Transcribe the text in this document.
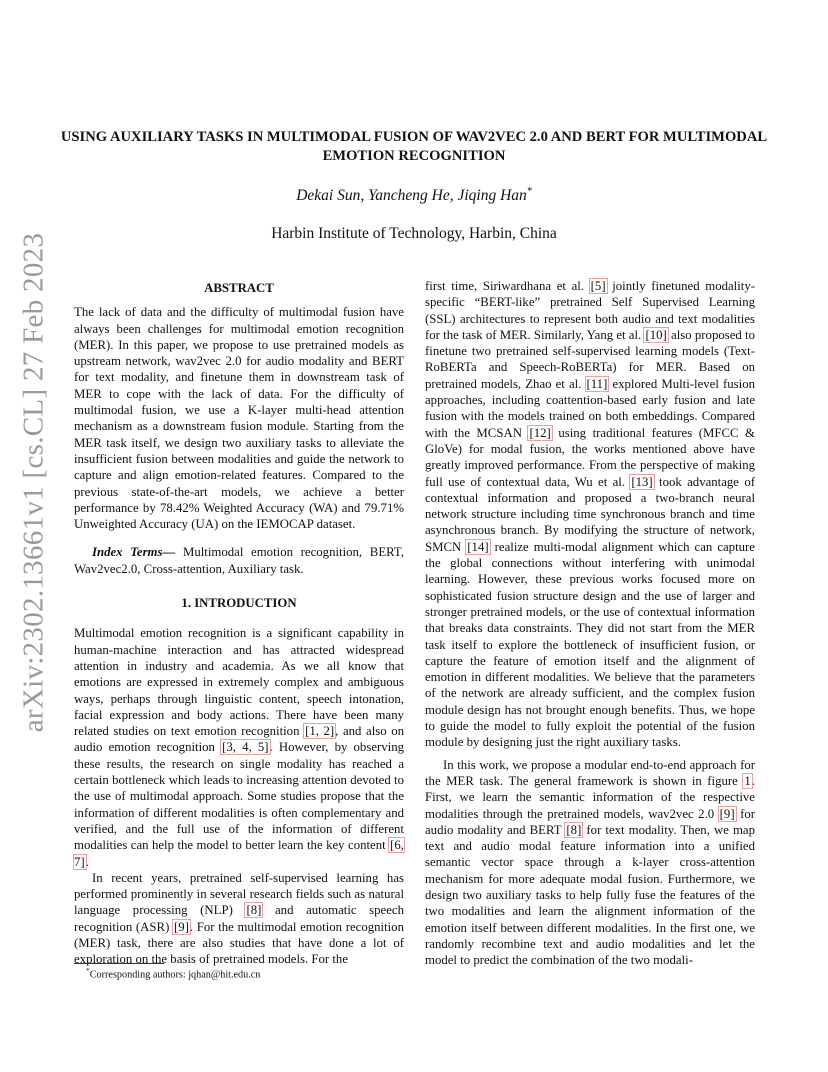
arXiv:2302.13661v1 [cs.CL] 27 Feb 2023
USING AUXILIARY TASKS IN MULTIMODAL FUSION OF WAV2VEC 2.0 AND BERT FOR MULTIMODAL EMOTION RECOGNITION
Dekai Sun, Yancheng He, Jiqing Han*
Harbin Institute of Technology, Harbin, China
ABSTRACT

The lack of data and the difficulty of multimodal fusion have always been challenges for multimodal emotion recognition (MER). In this paper, we propose to use pretrained models as upstream network, wav2vec 2.0 for audio modality and BERT for text modality, and finetune them in downstream task of MER to cope with the lack of data. For the difficulty of multimodal fusion, we use a K-layer multi-head attention mechanism as a downstream fusion module. Starting from the MER task itself, we design two auxiliary tasks to alleviate the insufficient fusion between modalities and guide the network to capture and align emotion-related features. Compared to the previous state-of-the-art models, we achieve a better performance by 78.42% Weighted Accuracy (WA) and 79.71% Unweighted Accuracy (UA) on the IEMOCAP dataset.

Index Terms— Multimodal emotion recognition, BERT, Wav2vec2.0, Cross-attention, Auxiliary task.

1. INTRODUCTION

Multimodal emotion recognition is a significant capability in human-machine interaction and has attracted widespread attention in industry and academia. As we all know that emotions are expressed in extremely complex and ambiguous ways, perhaps through linguistic content, speech intonation, facial expression and body actions. There have been many related studies on text emotion recognition [1, 2], and also on audio emotion recognition [3, 4, 5]. However, by observing these results, the research on single modality has reached a certain bottleneck which leads to increasing attention devoted to the use of multimodal approach. Some studies propose that the information of different modalities is often complementary and verified, and the full use of the information of different modalities can help the model to better learn the key content [6, 7].

In recent years, pretrained self-supervised learning has performed prominently in several research fields such as natural language processing (NLP) [8] and automatic speech recognition (ASR) [9]. For the multimodal emotion recognition (MER) task, there are also studies that have done a lot of exploration on the basis of pretrained models. For the

*Corresponding authors: jqhan@hit.edu.cn

first time, Siriwardhana et al. [5] jointly finetuned modality-specific “BERT-like” pretrained Self Supervised Learning (SSL) architectures to represent both audio and text modalities for the task of MER. Similarly, Yang et al. [10] also proposed to finetune two pretrained self-supervised learning models (Text-RoBERTa and Speech-RoBERTa) for MER. Based on pretrained models, Zhao et al. [11] explored Multi-level fusion approaches, including coattention-based early fusion and late fusion with the models trained on both embeddings. Compared with the MCSAN [12] using traditional features (MFCC & GloVe) for modal fusion, the works mentioned above have greatly improved performance. From the perspective of making full use of contextual data, Wu et al. [13] took advantage of contextual information and proposed a two-branch neural network structure including time synchronous branch and time asynchronous branch. By modifying the structure of network, SMCN [14] realize multi-modal alignment which can capture the global connections without interfering with unimodal learning. However, these previous works focused more on sophisticated fusion structure design and the use of larger and stronger pretrained models, or the use of contextual information that breaks data constraints. They did not start from the MER task itself to explore the bottleneck of insufficient fusion, or capture the feature of emotion itself and the alignment of emotion in different modalities. We believe that the parameters of the network are already sufficient, and the complex fusion module design has not brought enough benefits. Thus, we hope to guide the model to fully exploit the potential of the fusion module by designing just the right auxiliary tasks.

In this work, we propose a modular end-to-end approach for the MER task. The general framework is shown in figure 1. First, we learn the semantic information of the respective modalities through the pretrained models, wav2vec 2.0 [9] for audio modality and BERT [8] for text modality. Then, we map text and audio modal feature information into a unified semantic vector space through a k-layer cross-attention mechanism for more adequate modal fusion. Furthermore, we design two auxiliary tasks to help fully fuse the features of the two modalities and learn the alignment information of the emotion itself between different modalities. In the first one, we randomly recombine text and audio modalities and let the model to predict the combination of the two modali-
